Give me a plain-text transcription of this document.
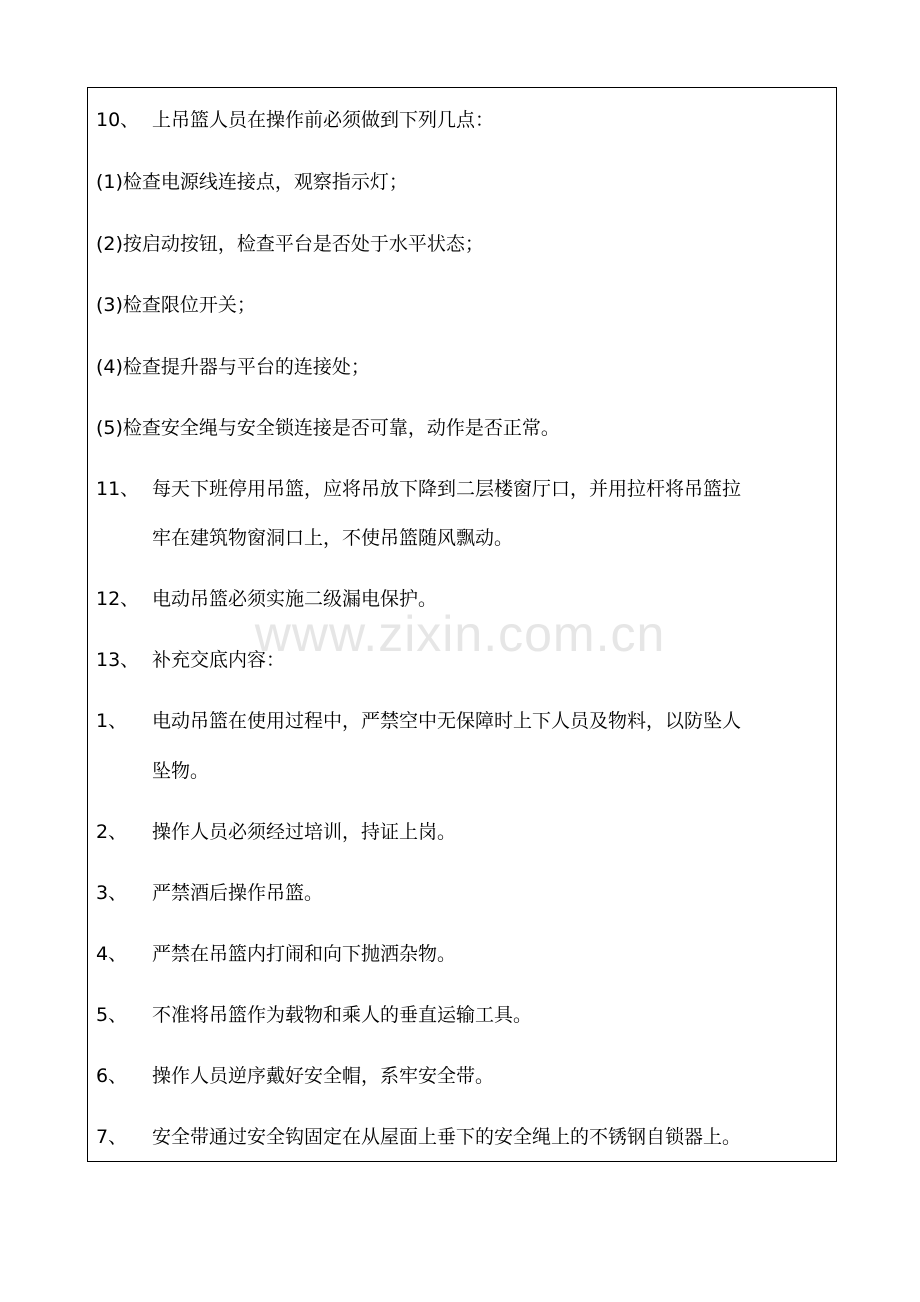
www.zixin.com.cn
10、 上吊篮人员在操作前必须做到下列几点：
(1)检查电源线连接点，观察指示灯；
(2)按启动按钮，检查平台是否处于水平状态；
(3)检查限位开关；
(4)检查提升器与平台的连接处；
(5)检查安全绳与安全锁连接是否可靠，动作是否正常。
11、 每天下班停用吊篮，应将吊放下降到二层楼窗厅口，并用拉杆将吊篮拉
牢在建筑物窗洞口上，不使吊篮随风飘动。
12、 电动吊篮必须实施二级漏电保护。
13、 补充交底内容：
1、 电动吊篮在使用过程中，严禁空中无保障时上下人员及物料，以防坠人
坠物。
2、 操作人员必须经过培训，持证上岗。
3、 严禁酒后操作吊篮。
4、 严禁在吊篮内打闹和向下抛洒杂物。
5、 不准将吊篮作为载物和乘人的垂直运输工具。
6、 操作人员逆序戴好安全帽，系牢安全带。
7、 安全带通过安全钩固定在从屋面上垂下的安全绳上的不锈钢自锁器上。
